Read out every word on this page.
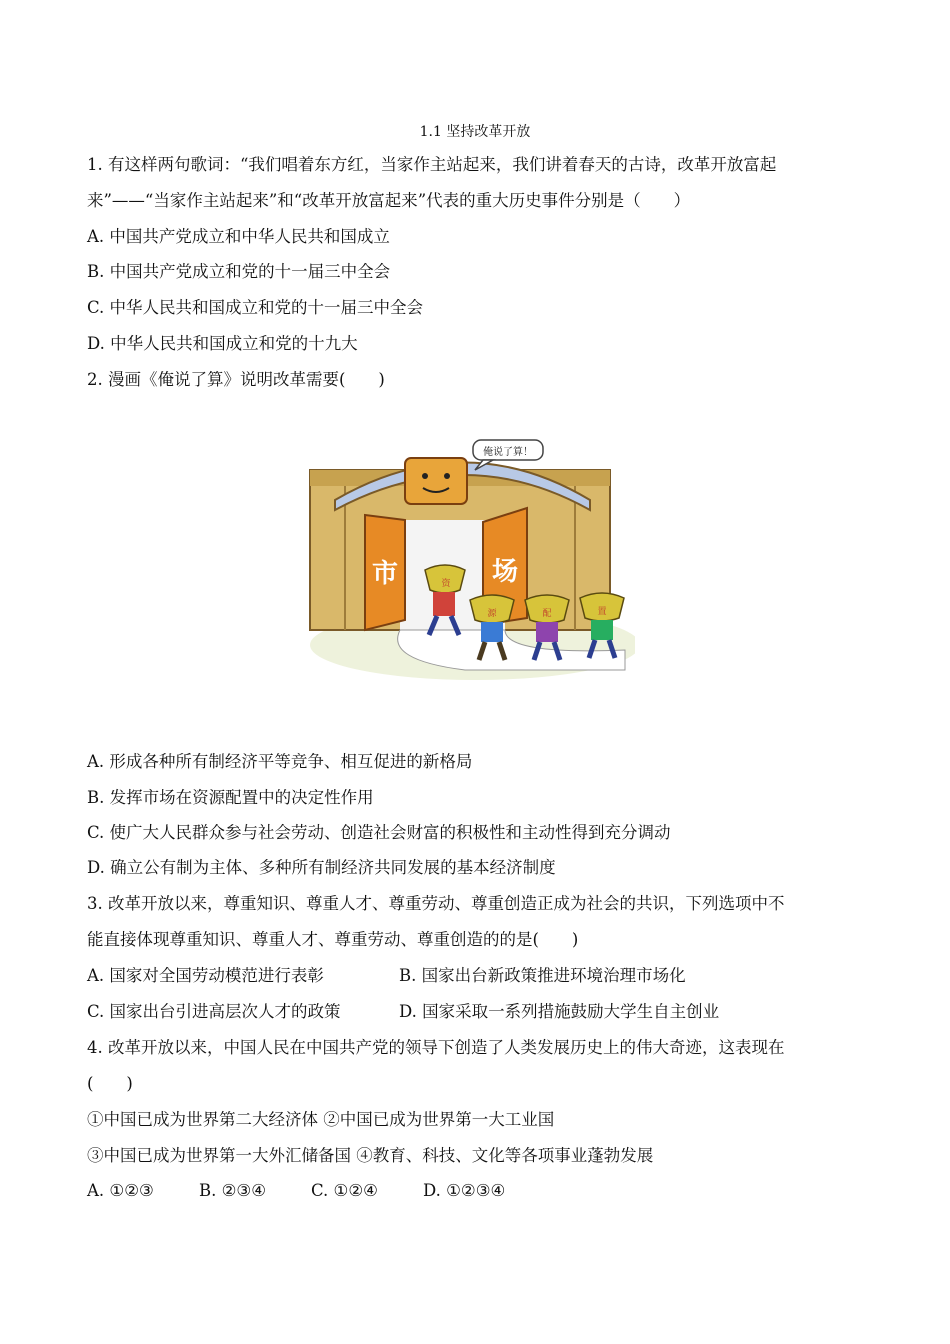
1.1 坚持改革开放
1. 有这样两句歌词：“我们唱着东方红，当家作主站起来，我们讲着春天的古诗，改革开放富起
来”——“当家作主站起来”和“改革开放富起来”代表的重大历史事件分别是（　　）
A. 中国共产党成立和中华人民共和国成立
B. 中国共产党成立和党的十一届三中全会
C. 中华人民共和国成立和党的十一届三中全会
D. 中华人民共和国成立和党的十九大
2. 漫画《俺说了算》说明改革需要(　　)
俺说了算！
市	场
资
源	配	置
A. 形成各种所有制经济平等竞争、相互促进的新格局
B. 发挥市场在资源配置中的决定性作用
C. 使广大人民群众参与社会劳动、创造社会财富的积极性和主动性得到充分调动
D. 确立公有制为主体、多种所有制经济共同发展的基本经济制度
3. 改革开放以来，尊重知识、尊重人才、尊重劳动、尊重创造正成为社会的共识，下列选项中不
能直接体现尊重知识、尊重人才、尊重劳动、尊重创造的的是(　　)
A. 国家对全国劳动模范进行表彰	B. 国家出台新政策推进环境治理市场化
C. 国家出台引进高层次人才的政策	D. 国家采取一系列措施鼓励大学生自主创业
4. 改革开放以来，中国人民在中国共产党的领导下创造了人类发展历史上的伟大奇迹，这表现在
(　　)
①中国已成为世界第二大经济体 ②中国已成为世界第一大工业国
③中国已成为世界第一大外汇储备国 ④教育、科技、文化等各项事业蓬勃发展
A. ①②③	B. ②③④	C. ①②④	D. ①②③④
